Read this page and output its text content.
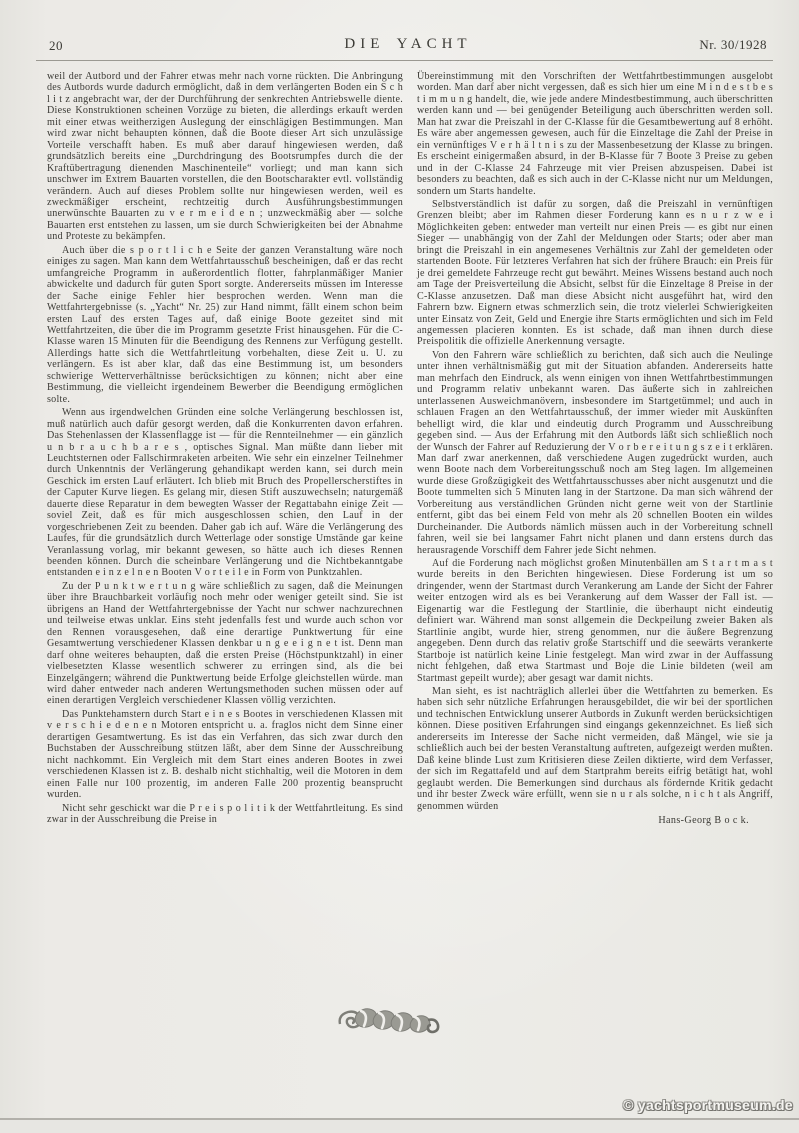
20	DIE YACHT	Nr. 30/1928

weil der Autbord und der Fahrer etwas mehr nach vorne rückten. Die Anbringung des Autbords wurde dadurch ermöglicht, daß in dem verlängerten Boden ein S c h l i t z angebracht war, der der Durchführung der senkrechten Antriebswelle diente. Diese Konstruktionen scheinen Vorzüge zu bieten, die allerdings erkauft werden mit einer etwas weitherzigen Auslegung der einschlägigen Bestimmungen. Man wird zwar nicht behaupten können, daß die Boote dieser Art sich unzulässige Vorteile verschafft haben. Es muß aber darauf hingewiesen werden, daß grundsätzlich bereits eine „Durchdringung des Bootsrumpfes durch die der Kraftübertragung dienenden Maschinenteile“ vorliegt; und man kann sich unschwer im Extrem Bauarten vorstellen, die den Bootscharakter evtl. vollständig verändern. Auch auf dieses Problem sollte nur hingewiesen werden, weil es zweckmäßiger erscheint, rechtzeitig durch Ausführungsbestimmungen unerwünschte Bauarten zu v e r m e i d e n ; unzweckmäßig aber — solche Bauarten erst entstehen zu lassen, um sie durch Schwierigkeiten bei der Abnahme und Proteste zu bekämpfen.

Auch über die s p o r t l i c h e Seite der ganzen Veranstaltung wäre noch einiges zu sagen. Man kann dem Wettfahrtausschuß bescheinigen, daß er das recht umfangreiche Programm in außerordentlich flotter, fahrplanmäßiger Manier abwickelte und dadurch für guten Sport sorgte. Andererseits müssen im Interesse der Sache einige Fehler hier besprochen werden. Wenn man die Wettfahrtergebnisse (s. „Yacht“ Nr. 25) zur Hand nimmt, fällt einem schon beim ersten Lauf des ersten Tages auf, daß einige Boote gezeitet sind mit Wettfahrtzeiten, die über die im Programm gesetzte Frist hinausgehen. Für die C-Klasse waren 15 Minuten für die Beendigung des Rennens zur Verfügung gestellt. Allerdings hatte sich die Wettfahrtleitung vorbehalten, diese Zeit u. U. zu verlängern. Es ist aber klar, daß das eine Bestimmung ist, um besonders schwierige Wetterverhältnisse berücksichtigen zu können; nicht aber eine Bestimmung, die vielleicht irgendeinem Bewerber die Beendigung ermöglichen solte.

Wenn aus irgendwelchen Gründen eine solche Verlängerung beschlossen ist, muß natürlich auch dafür gesorgt werden, daß die Konkurrenten davon erfahren. Das Stehenlassen der Klassenflagge ist — für die Rennteilnehmer — ein gänzlich u n b r a u c h b a r e s , optisches Signal. Man müßte dann lieber mit Leuchtsternen oder Fallschirmraketen arbeiten. Wie sehr ein einzelner Teilnehmer durch Unkenntnis der Verlängerung gehandikapt werden kann, sei durch mein Geschick im ersten Lauf erläutert. Ich blieb mit Bruch des Propellerscherstiftes in der Caputer Kurve liegen. Es gelang mir, diesen Stift auszuwechseln; naturgemäß dauerte diese Reparatur in dem bewegten Wasser der Regattabahn einige Zeit — soviel Zeit, daß es für mich ausgeschlossen schien, den Lauf in der vorgeschriebenen Zeit zu beenden. Daher gab ich auf. Wäre die Verlängerung des Laufes, für die grundsätzlich durch Wetterlage oder sonstige Umstände gar keine Veranlassung vorlag, mir bekannt gewesen, so hätte auch ich dieses Rennen beenden können. Durch die scheinbare Verlängerung und die Nichtbekanntgabe entstanden e i n z e l n e n Booten V o r t e i l e in Form von Punktzahlen.

Zu der P u n k t w e r t u n g wäre schließlich zu sagen, daß die Meinungen über ihre Brauchbarkeit vorläufig noch mehr oder weniger geteilt sind. Sie ist übrigens an Hand der Wettfahrtergebnisse der Yacht nur schwer nachzurechnen und teilweise etwas unklar. Eins steht jedenfalls fest und wurde auch schon vor den Rennen vorausgesehen, daß eine derartige Punktwertung für eine Gesamtwertung verschiedener Klassen denkbar u n g e e i g n e t ist. Denn man darf ohne weiteres behaupten, daß die ersten Preise (Höchstpunktzahl) in einer vielbesetzten Klasse wesentlich schwerer zu erringen sind, als die bei Einzelgängern; während die Punktwertung beide Erfolge gleichstellen würde. man wird daher entweder nach anderen Wertungsmethoden suchen müssen oder auf einen derartigen Vergleich verschiedener Klassen völlig verzichten.

Das Punktehamstern durch Start e i n e s Bootes in verschiedenen Klassen mit v e r s c h i e d e n e n Motoren entspricht u. a. fraglos nicht dem Sinne einer derartigen Gesamtwertung. Es ist das ein Verfahren, das sich zwar durch den Buchstaben der Ausschreibung stützen läßt, aber dem Sinne der Ausschreibung nicht nachkommt. Ein Vergleich mit dem Start eines anderen Bootes in zwei verschiedenen Klassen ist z. B. deshalb nicht stichhaltig, weil die Motoren in dem einen Falle nur 100 prozentig, im anderen Falle 200 prozentig beansprucht wurden.

Nicht sehr geschickt war die P r e i s p o l i t i k der Wettfahrtleitung. Es sind zwar in der Ausschreibung die Preise in

Übereinstimmung mit den Vorschriften der Wettfahrtbestimmungen ausgelobt worden. Man darf aber nicht vergessen, daß es sich hier um eine M i n d e s t b e s t i m m u n g handelt, die, wie jede andere Mindestbestimmung, auch überschritten werden kann und — bei genügender Beteiligung auch überschritten werden soll. Man hat zwar die Preiszahl in der C-Klasse für die Gesamtbewertung auf 8 erhöht. Es wäre aber angemessen gewesen, auch für die Einzeltage die Zahl der Preise in ein vernünftiges V e r h ä l t n i s zu der Massenbesetzung der Klasse zu bringen. Es erscheint einigermaßen absurd, in der B-Klasse für 7 Boote 3 Preise zu geben und in der C-Klasse 24 Fahrzeuge mit vier Preisen abzuspeisen. Dabei ist besonders zu beachten, daß es sich auch in der C-Klasse nicht nur um Meldungen, sondern um Starts handelte.

Selbstverständlich ist dafür zu sorgen, daß die Preiszahl in vernünftigen Grenzen bleibt; aber im Rahmen dieser Forderung kann es n u r z w e i Möglichkeiten geben: entweder man verteilt nur einen Preis — es gibt nur einen Sieger — unabhängig von der Zahl der Meldungen oder Starts; oder aber man bringt die Preiszahl in ein angemesenes Verhältnis zur Zahl der gemeldeten oder startenden Boote. Für letzteres Verfahren hat sich der frühere Brauch: ein Preis für je drei gemeldete Fahrzeuge recht gut bewährt. Meines Wissens bestand auch noch am Tage der Preisverteilung die Absicht, selbst für die Einzeltage 8 Preise in der C-Klasse anzusetzen. Daß man diese Absicht nicht ausgeführt hat, wird den Fahrern bzw. Eignern etwas schmerzlich sein, die trotz vielerlei Schwierigkeiten unter Einsatz von Zeit, Geld und Energie ihre Starts ermöglichten und sich im Feld angemessen placieren konnten. Es ist schade, daß man ihnen durch diese Preispolitik die offizielle Anerkennung versagte.

Von den Fahrern wäre schließlich zu berichten, daß sich auch die Neulinge unter ihnen verhältnismäßig gut mit der Situation abfanden. Andererseits hatte man mehrfach den Eindruck, als wenn einigen von ihnen Wettfahrtbestimmungen und Programm relativ unbekannt waren. Das äußerte sich in zahlreichen unterlassenen Ausweichmanövern, insbesondere im Startgetümmel; und auch in schlauen Fragen an den Wettfahrtausschuß, der immer wieder mit Auskünften behelligt wird, die klar und eindeutig durch Programm und Ausschreibung gegeben sind. — Aus der Erfahrung mit den Autbords läßt sich schließlich noch der Wunsch der Fahrer auf Reduzierung der V o r b e r e i t u n g s z e i t erklären. Man darf zwar anerkennen, daß verschiedene Augen zugedrückt wurden, auch wenn Boote nach dem Vorbereitungsschuß noch am Steg lagen. Im allgemeinen wurde diese Großzügigkeit des Wettfahrtausschusses aber nicht ausgenutzt und die Boote tummelten sich 5 Minuten lang in der Startzone. Da man sich während der Vorbereitung aus verständlichen Gründen nicht gerne weit von der Startlinie entfernt, gibt das bei einem Feld von mehr als 20 schnellen Booten ein wildes Durcheinander. Die Autbords nämlich müssen auch in der Vorbereitung schnell fahren, weil sie bei langsamer Fahrt nicht planen und dann erstens durch das herausragende Vorschiff dem Fahrer jede Sicht nehmen.

Auf die Forderung nach möglichst großen Minutenbällen am S t a r t m a s t wurde bereits in den Berichten hingewiesen. Diese Forderung ist um so dringender, wenn der Startmast durch Verankerung am Lande der Sicht der Fahrer weiter entzogen wird als es bei Verankerung auf dem Wasser der Fall ist. — Eigenartig war die Festlegung der Startlinie, die überhaupt nicht eindeutig definiert war. Während man sonst allgemein die Deckpeilung zweier Baken als Startlinie angibt, wurde hier, streng genommen, nur die äußere Begrenzung angegeben. Denn durch das relativ große Startschiff und die seewärts verankerte Startboje ist natürlich keine Linie festgelegt. Man wird zwar in der Auffassung nicht fehlgehen, daß etwa Startmast und Boje die Linie bildeten (weil am Startmast gepeilt wurde); aber gesagt war damit nichts.

Man sieht, es ist nachträglich allerlei über die Wettfahrten zu bemerken. Es haben sich sehr nützliche Erfahrungen herausgebildet, die wir bei der sportlichen und technischen Entwicklung unserer Autbords in Zukunft werden berücksichtigen können. Diese positiven Erfahrungen sind eingangs gekennzeichnet. Es ließ sich andererseits im Interesse der Sache nicht vermeiden, daß Mängel, wie sie ja schließlich auch bei der besten Veranstaltung auftreten, aufgezeigt werden mußten. Daß keine blinde Lust zum Kritisieren diese Zeilen diktierte, wird dem Verfasser, der sich im Regattafeld und auf dem Startprahm bereits eifrig betätigt hat, wohl geglaubt werden. Die Bemerkungen sind durchaus als fördernde Kritik gedacht und ihr bester Zweck wäre erfüllt, wenn sie n u r als solche, n i c h t als Angriff, genommen würden

Hans-Georg B o c k.
© yachtsportmuseum.de
